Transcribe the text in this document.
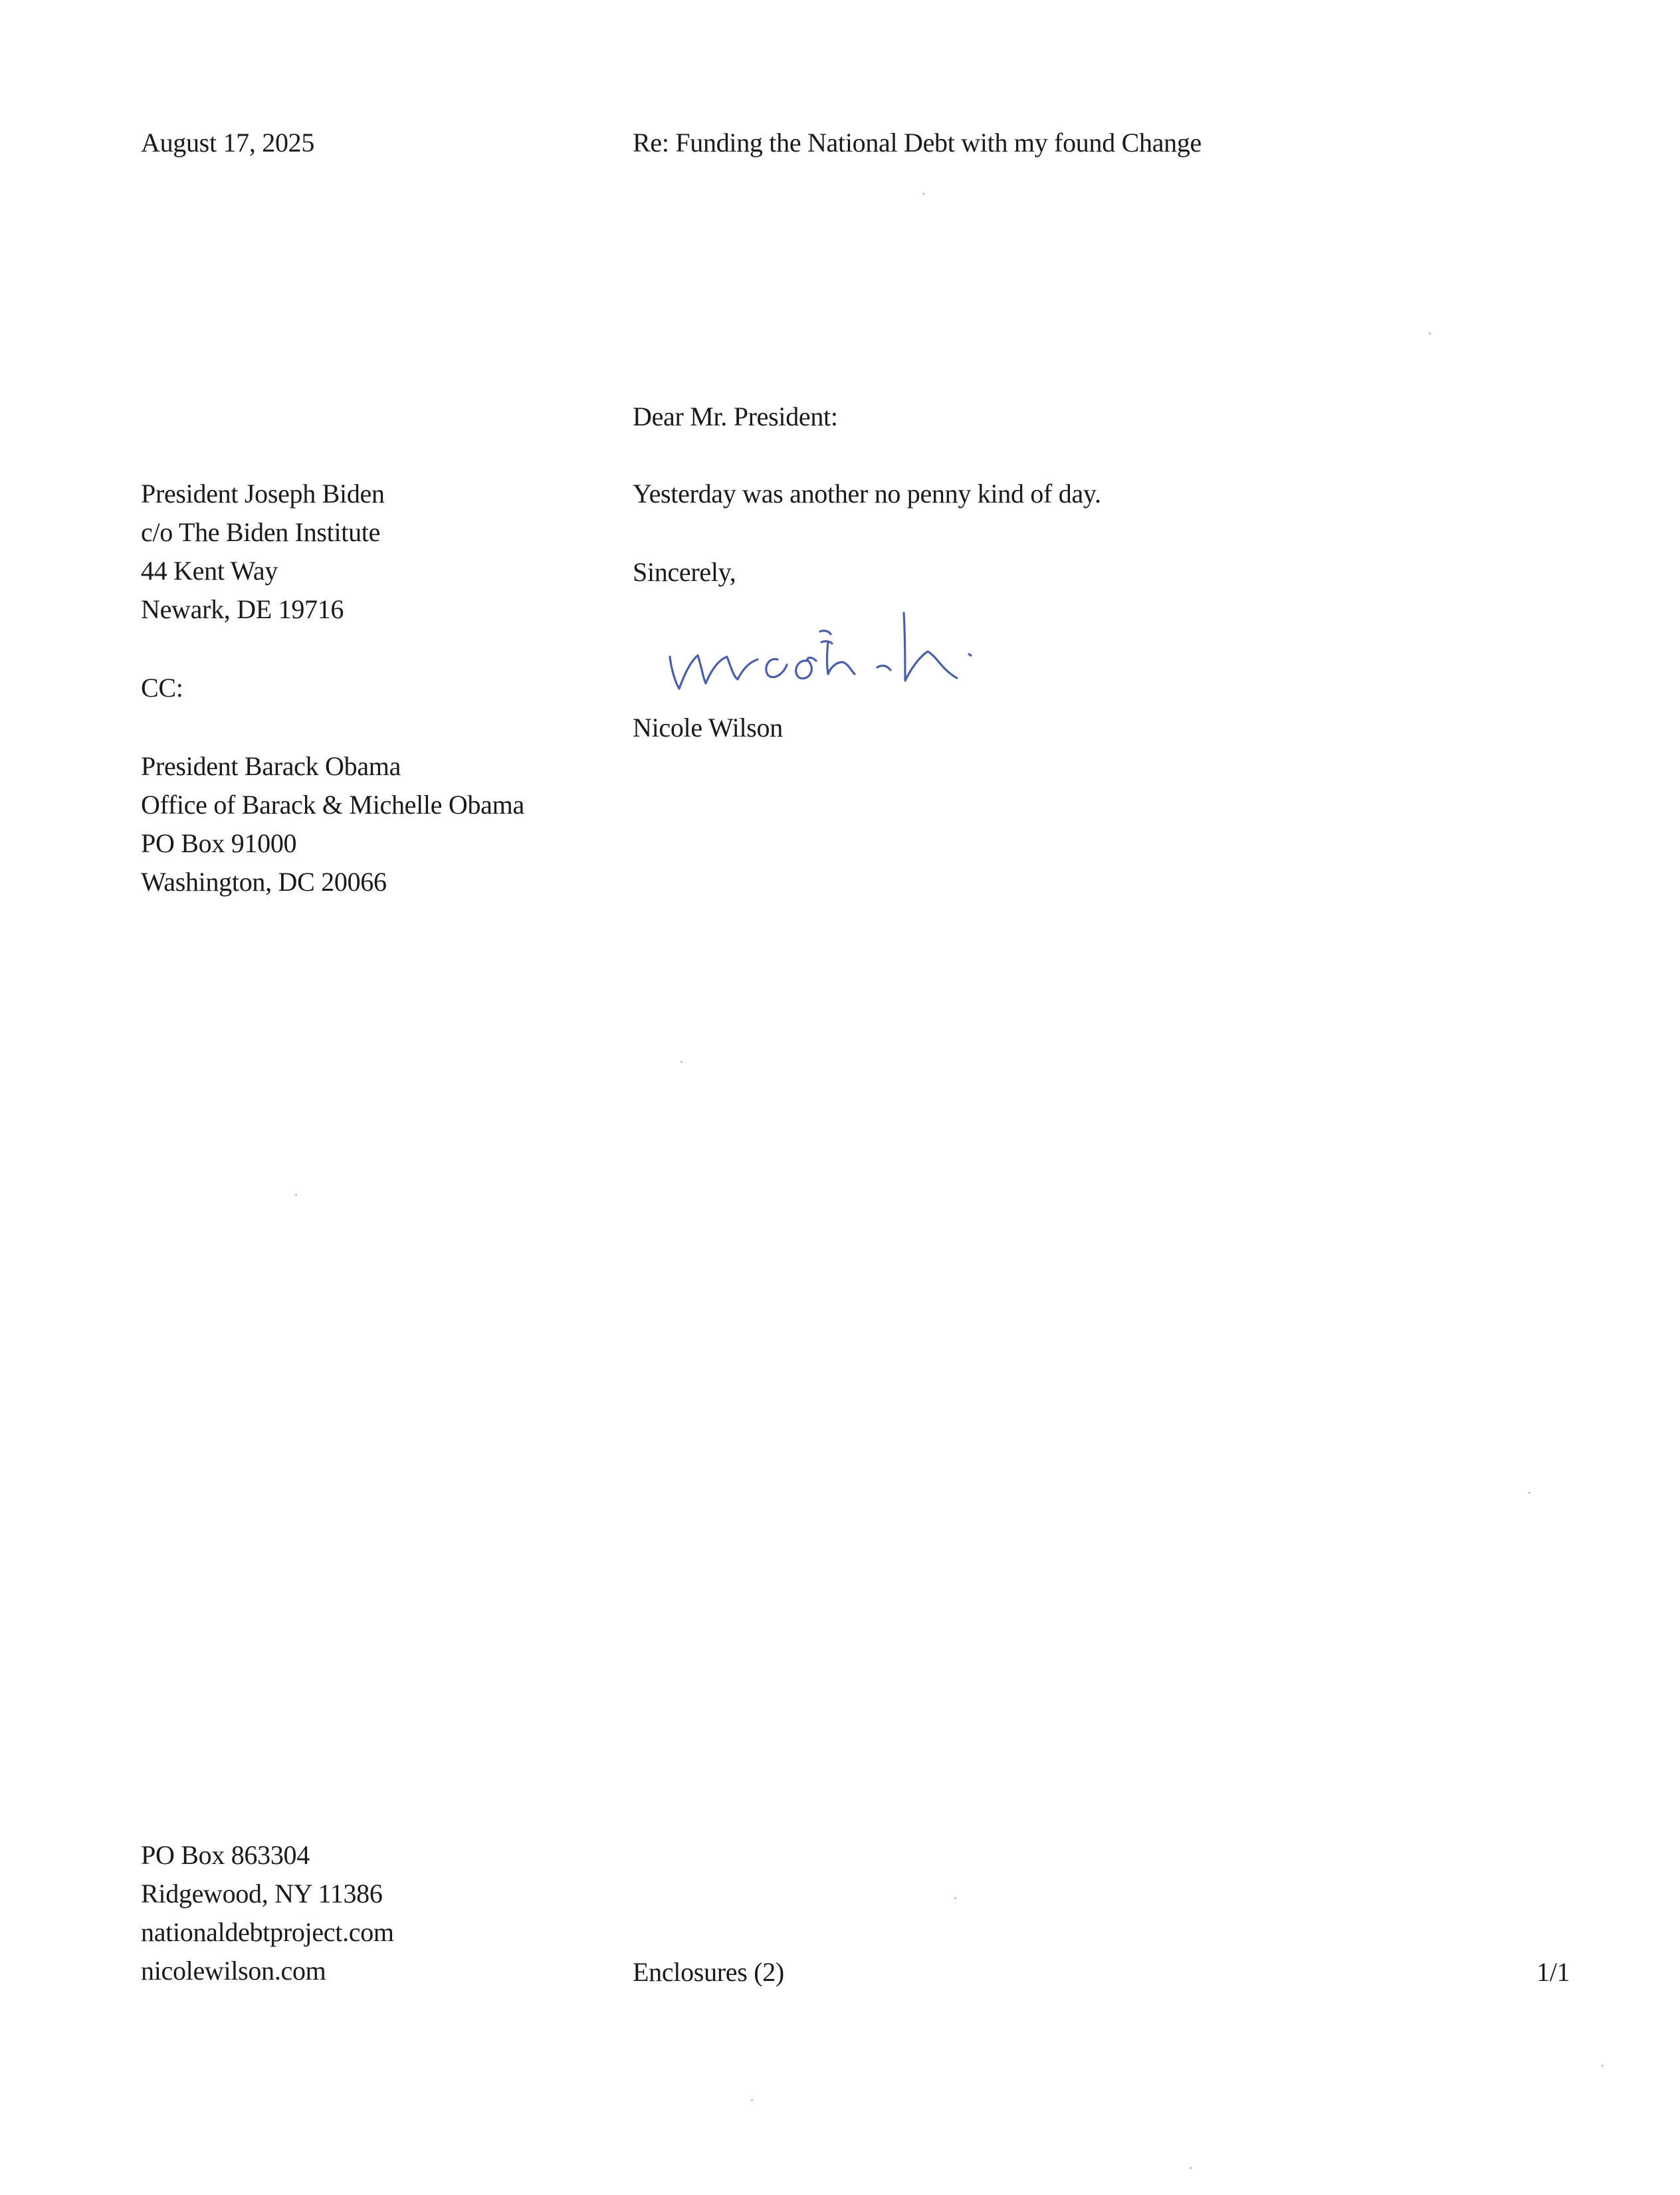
August 17, 2025	Re: Funding the National Debt with my found Change
Dear Mr. President:
Yesterday was another no penny kind of day.
Sincerely,
President Joseph Biden
c/o The Biden Institute
44 Kent Way
Newark, DE 19716
CC:
President Barack Obama
Office of Barack & Michelle Obama
PO Box 91000
Washington, DC 20066
Nicole Wilson
PO Box 863304
Ridgewood, NY 11386
nationaldebtproject.com
nicolewilson.com	Enclosures (2)	1/1
